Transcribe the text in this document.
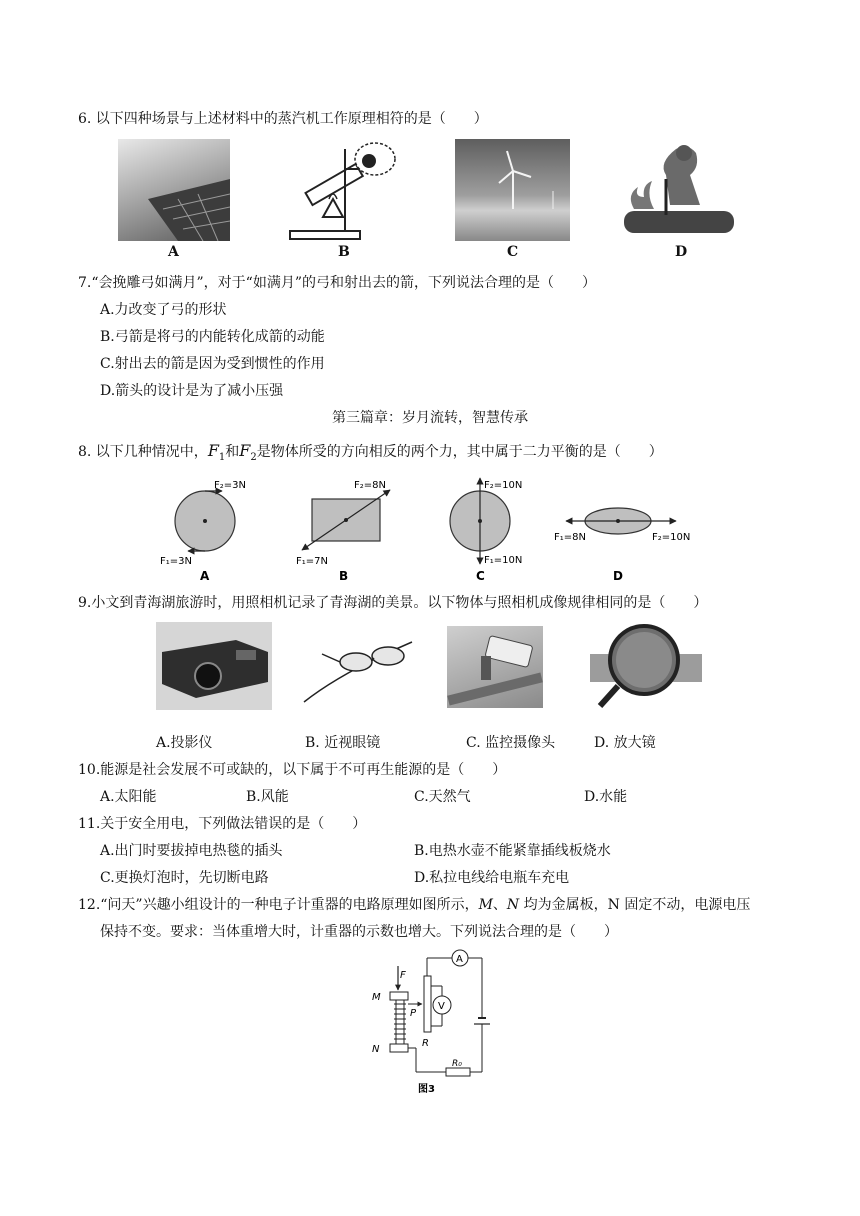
6. 以下四种场景与上述材料中的蒸汽机工作原理相符的是（　　）
A	B	C	D
7.“会挽雕弓如满月”，对于“如满月”的弓和射出去的箭，下列说法合理的是（　　）
A.力改变了弓的形状
B.弓箭是将弓的内能转化成箭的动能
C.射出去的箭是因为受到惯性的作用
D.箭头的设计是为了减小压强
第三篇章：岁月流转，智慧传承
8. 以下几种情况中，$F_1$和$F_2$是物体所受的方向相反的两个力，其中属于二力平衡的是（　　）
F₂=3N
F₁=3N
F₂=8N
F₁=7N
F₂=10N
F₁=10N
F₁=8N	F₂=10N
A	B	C	D
9.小文到青海湖旅游时，用照相机记录了青海湖的美景。以下物体与照相机成像规律相同的是（　　）
A.投影仪	B. 近视眼镜	C. 监控摄像头	D. 放大镜
10.能源是社会发展不可或缺的，以下属于不可再生能源的是（　　）
A.太阳能	B.风能	C.天然气	D.水能
11.关于安全用电，下列做法错误的是（　　）
A.出门时要拔掉电热毯的插头	B.电热水壶不能紧靠插线板烧水
C.更换灯泡时，先切断电路	D.私拉电线给电瓶车充电
12.“问天”兴趣小组设计的一种电子计重器的电路原理如图所示，M、N 均为金属板，N 固定不动，电源电压
保持不变。要求：当体重增大时，计重器的示数也增大。下列说法合理的是（　　）
F
M
N
P
R
R₀
A
V
图3
